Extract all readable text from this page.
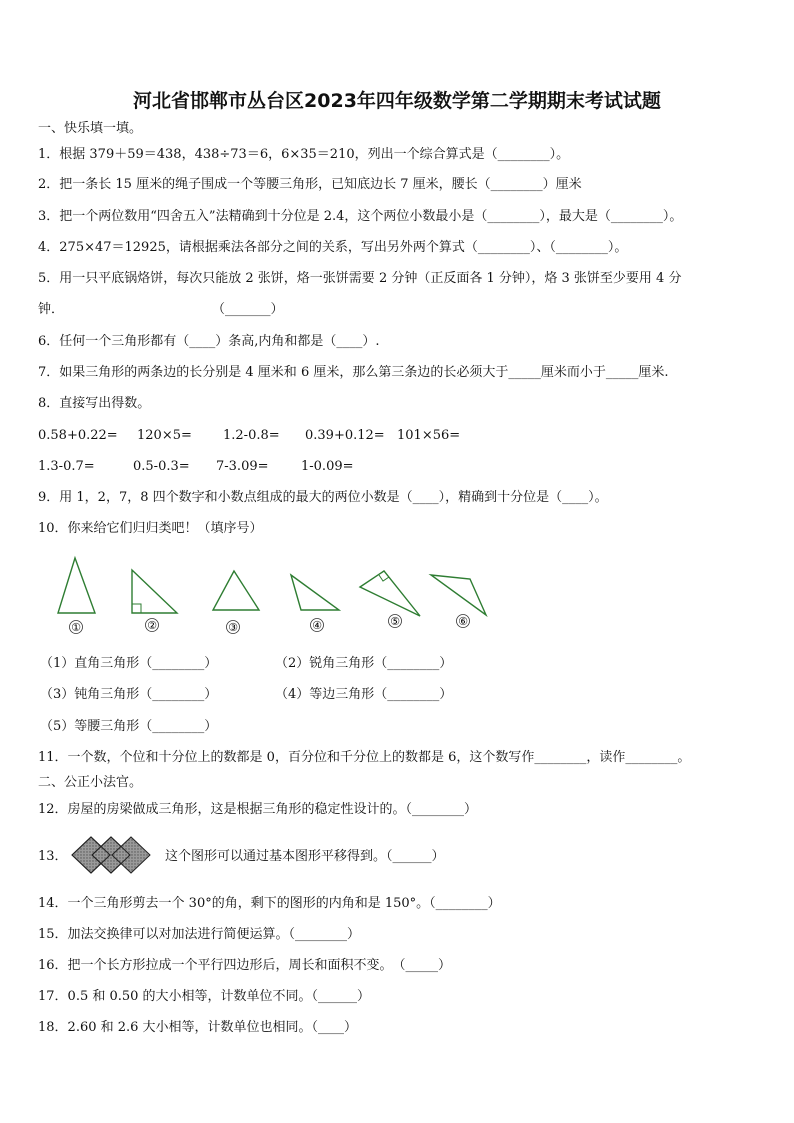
河北省邯郸市丛台区2023年四年级数学第二学期期末考试试题
一、快乐填一填。
1．根据 379＋59＝438，438÷73＝6，6×35＝210，列出一个综合算式是（________）。
2．把一条长 15 厘米的绳子围成一个等腰三角形，已知底边长 7 厘米，腰长（________）厘米
3．把一个两位数用“四舍五入”法精确到十分位是 2.4，这个两位小数最小是（________），最大是（________）。
4．275×47＝12925，请根据乘法各部分之间的关系，写出另外两个算式（________）、（________）。
5．用一只平底锅烙饼，每次只能放 2 张饼，烙一张饼需要 2 分钟（正反面各 1 分钟），烙 3 张饼至少要用 4 分
钟．	（_______）
6．任何一个三角形都有（____）条高,内角和都是（____）.
7．如果三角形的两条边的长分别是 4 厘米和 6 厘米，那么第三条边的长必须大于_____厘米而小于_____厘米.
8．直接写出得数。
0.58+0.22= 120×5= 1.2-0.8= 0.39+0.12= 101×56=
1.3-0.7=	0.5-0.3= 7-3.09= 1-0.09=
9．用 1，2，7，8 四个数字和小数点组成的最大的两位小数是（____），精确到十分位是（____）。
10．你来给它们归归类吧！（填序号）
①	②	③	④	⑤	⑥
（1）直角三角形（________）	（2）锐角三角形（________）
（3）钝角三角形（________）	（4）等边三角形（________）
（5）等腰三角形（________）
11．一个数，个位和十分位上的数都是 0，百分位和千分位上的数都是 6，这个数写作________，读作________。
二、公正小法官。
12．房屋的房梁做成三角形，这是根据三角形的稳定性设计的。（________）
13．	这个图形可以通过基本图形平移得到。（______）
14．一个三角形剪去一个 30°的角，剩下的图形的内角和是 150°。（________）
15．加法交换律可以对加法进行简便运算。（________）
16．把一个长方形拉成一个平行四边形后，周长和面积不变。　（_____）
17．0.5 和 0.50 的大小相等，计数单位不同。（______）
18．2.60 和 2.6 大小相等，计数单位也相同。（____）
